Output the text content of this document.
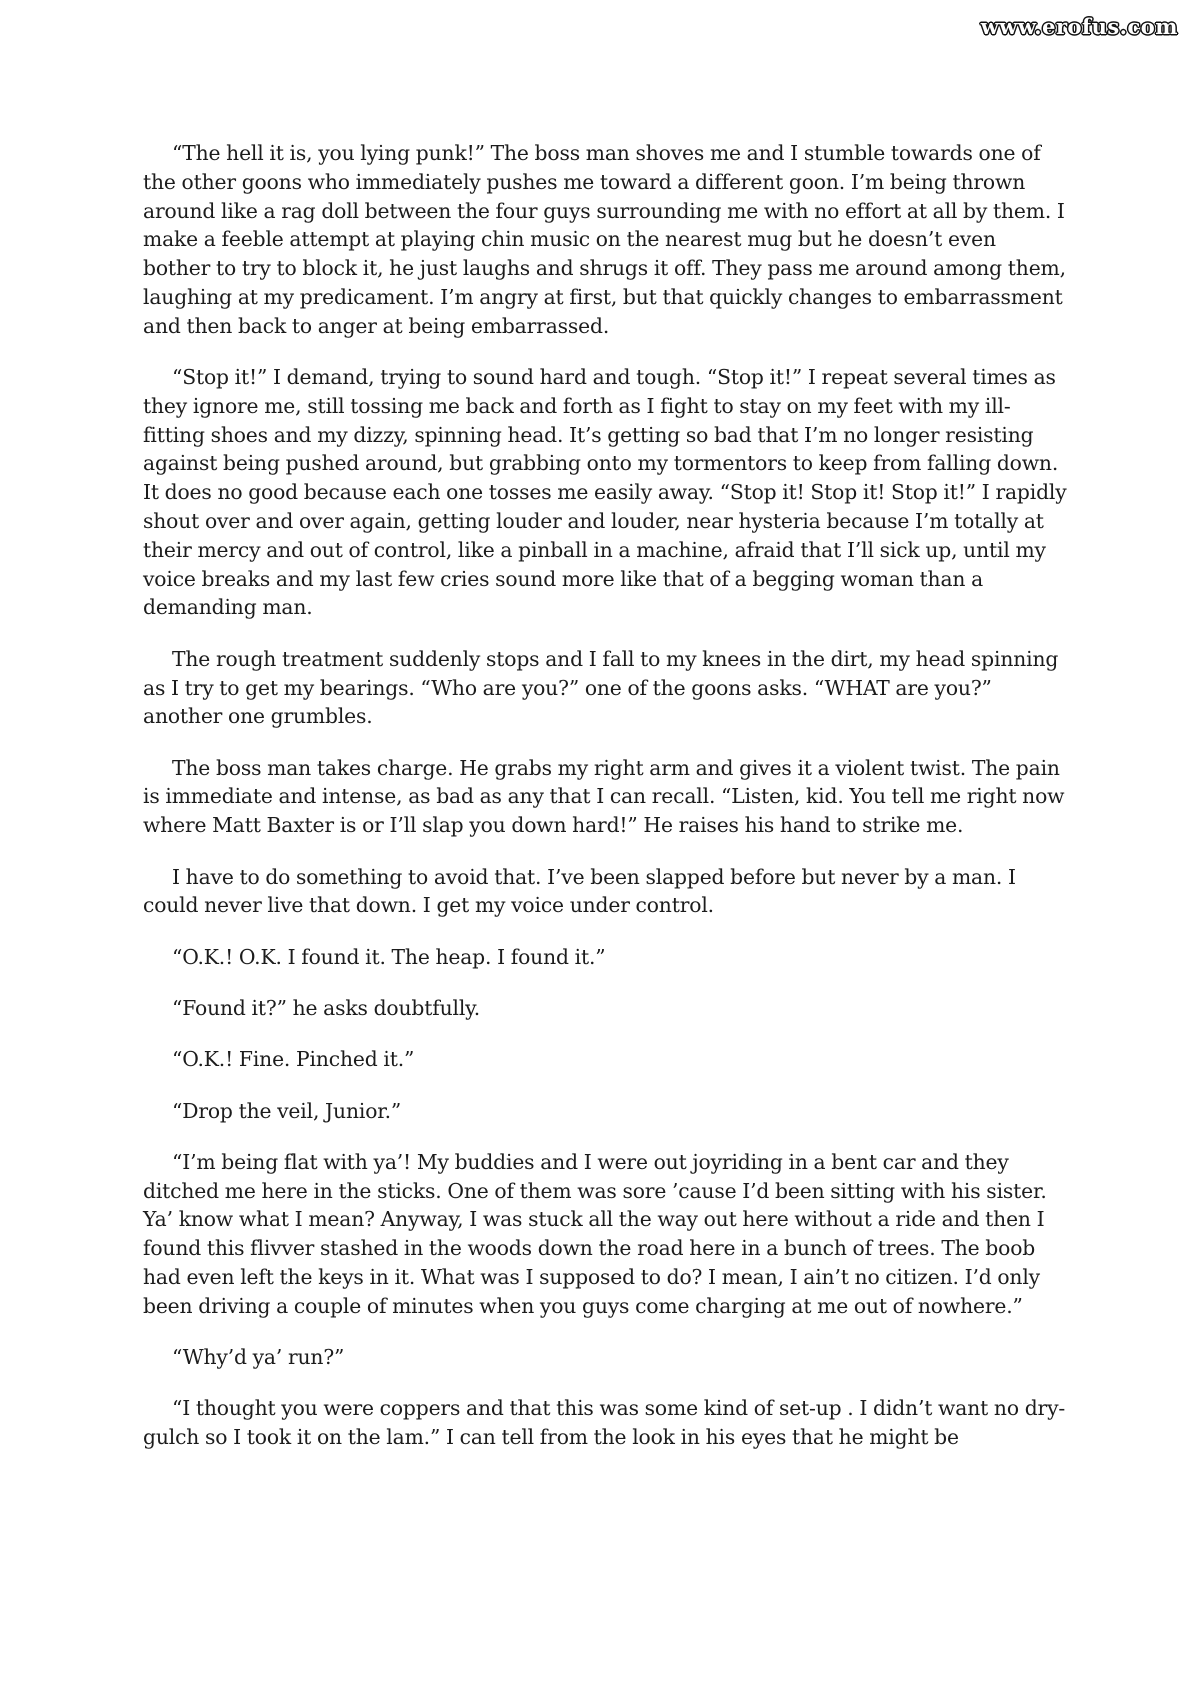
www.erofus.com

“The hell it is, you lying punk!” The boss man shoves me and I stumble towards one of the other goons who immediately pushes me toward a different goon. I’m being thrown around like a rag doll between the four guys surrounding me with no effort at all by them. I make a feeble attempt at playing chin music on the nearest mug but he doesn’t even bother to try to block it, he just laughs and shrugs it off. They pass me around among them, laughing at my predicament. I’m angry at first, but that quickly changes to embarrassment and then back to anger at being embarrassed.

“Stop it!” I demand, trying to sound hard and tough. “Stop it!” I repeat several times as they ignore me, still tossing me back and forth as I fight to stay on my feet with my ill-fitting shoes and my dizzy, spinning head. It’s getting so bad that I’m no longer resisting against being pushed around, but grabbing onto my tormentors to keep from falling down. It does no good because each one tosses me easily away. “Stop it! Stop it! Stop it!” I rapidly shout over and over again, getting louder and louder, near hysteria because I’m totally at their mercy and out of control, like a pinball in a machine, afraid that I’ll sick up, until my voice breaks and my last few cries sound more like that of a begging woman than a demanding man.

The rough treatment suddenly stops and I fall to my knees in the dirt, my head spinning as I try to get my bearings. “Who are you?” one of the goons asks. “WHAT are you?” another one grumbles.

The boss man takes charge. He grabs my right arm and gives it a violent twist. The pain is immediate and intense, as bad as any that I can recall. “Listen, kid. You tell me right now where Matt Baxter is or I’ll slap you down hard!” He raises his hand to strike me.

I have to do something to avoid that. I’ve been slapped before but never by a man. I could never live that down. I get my voice under control.

“O.K.! O.K. I found it. The heap. I found it.”

“Found it?” he asks doubtfully.

“O.K.! Fine. Pinched it.”

“Drop the veil, Junior.”

“I’m being flat with ya’! My buddies and I were out joyriding in a bent car and they ditched me here in the sticks. One of them was sore ’cause I’d been sitting with his sister. Ya’ know what I mean? Anyway, I was stuck all the way out here without a ride and then I found this flivver stashed in the woods down the road here in a bunch of trees. The boob had even left the keys in it. What was I supposed to do? I mean, I ain’t no citizen. I’d only been driving a couple of minutes when you guys come charging at me out of nowhere.”

“Why’d ya’ run?”

“I thought you were coppers and that this was some kind of set-up . I didn’t want no dry-gulch so I took it on the lam.” I can tell from the look in his eyes that he might be
